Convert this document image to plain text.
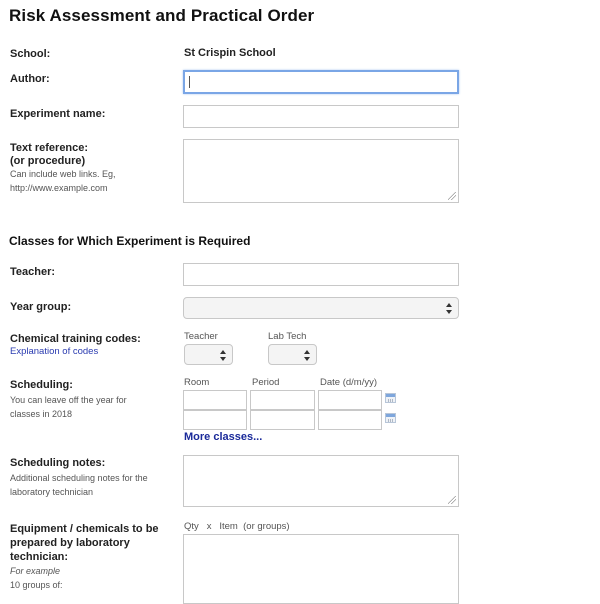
Risk Assessment and Practical Order
School:	St Crispin School
Author:
Experiment name:
Text reference:
(or procedure)
Can include web links. Eg,
http://www.example.com
Classes for Which Experiment is Required
Teacher:
Year group:
Chemical training codes:
Explanation of codes
Teacher	Lab Tech
Scheduling:
You can leave off the year for
classes in 2018
Room	Period	Date (d/m/yy)
More classes...
Scheduling notes:
Additional scheduling notes for the
laboratory technician
Equipment / chemicals to be
prepared by laboratory
technician:
For example
10 groups of:
Qty   x   Item  (or groups)
